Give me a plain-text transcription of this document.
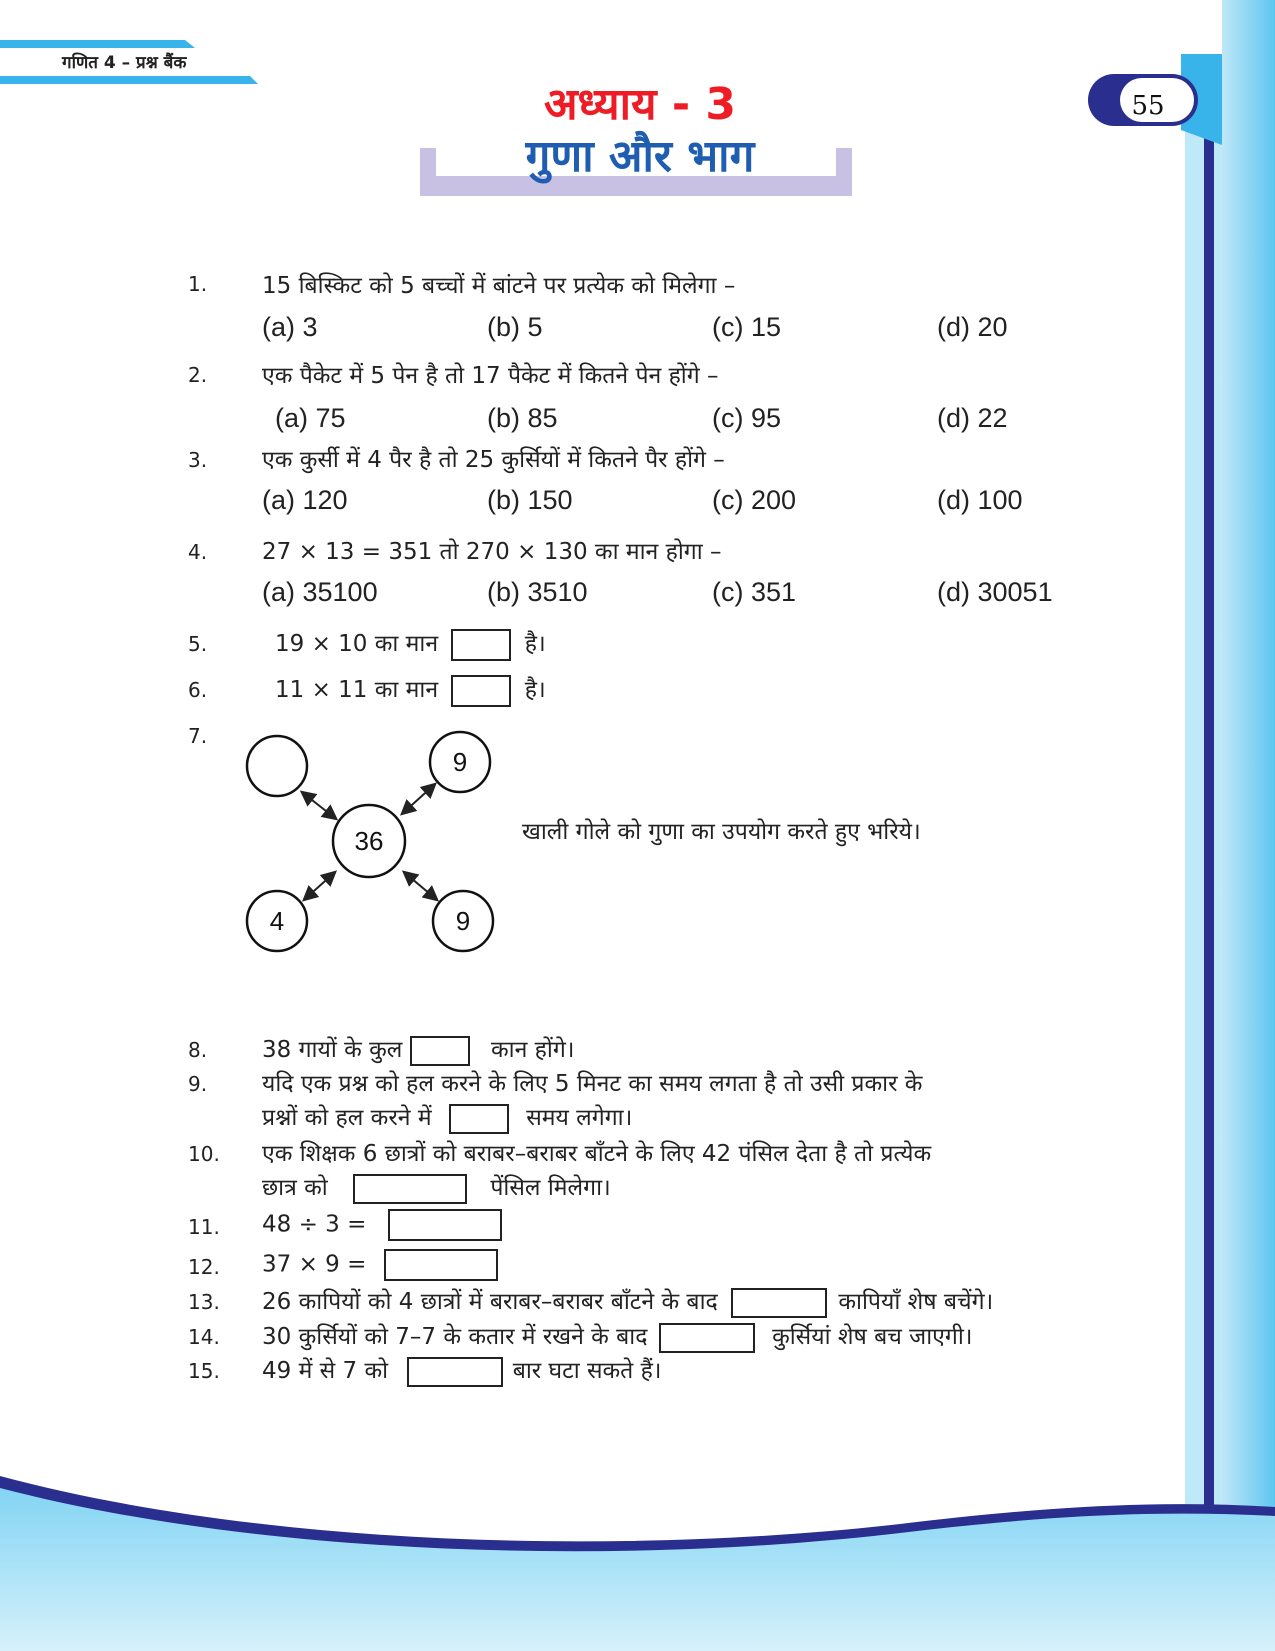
गणित 4 – प्रश्न बैंक
55
अध्याय - 3
गुणा और भाग
1. 15 बिस्किट को 5 बच्चों में बांटने पर प्रत्येक को मिलेगा –
(a) 3	(b) 5	(c) 15	(d) 20
2. एक पैकेट में 5 पेन है तो 17 पैकेट में कितने पेन होंगे –
(a) 75	(b) 85	(c) 95	(d) 22
3. एक कुर्सी में 4 पैर है तो 25 कुर्सियों में कितने पैर होंगे –
(a) 120	(b) 150	(c) 200	(d) 100
4. 27 × 13 = 351 तो 270 × 130 का मान होगा –
(a) 35100	(b) 3510	(c) 351	(d) 30051
5.	19 × 10 का मान	है।
6.	11 × 11 का मान	है।
7.
9
36
4	9
खाली गोले को गुणा का उपयोग करते हुए भरिये।
8. 38 गायों के कुल	कान होंगे।
9. यदि एक प्रश्न को हल करने के लिए 5 मिनट का समय लगता है तो उसी प्रकार के
प्रश्नों को हल करने में	समय लगेगा।
10. एक शिक्षक 6 छात्रों को बराबर–बराबर बाँटने के लिए 42 पंसिल देता है तो प्रत्येक
छात्र को	पेंसिल मिलेगा।
11. 48 ÷ 3 =
12. 37 × 9 =
13. 26 कापियों को 4 छात्रों में बराबर–बराबर बाँटने के बाद	कापियाँ शेष बचेंगे।
14. 30 कुर्सियों को 7–7 के कतार में रखने के बाद	कुर्सियां शेष बच जाएगी।
15. 49 में से 7 को	बार घटा सकते हैं।
